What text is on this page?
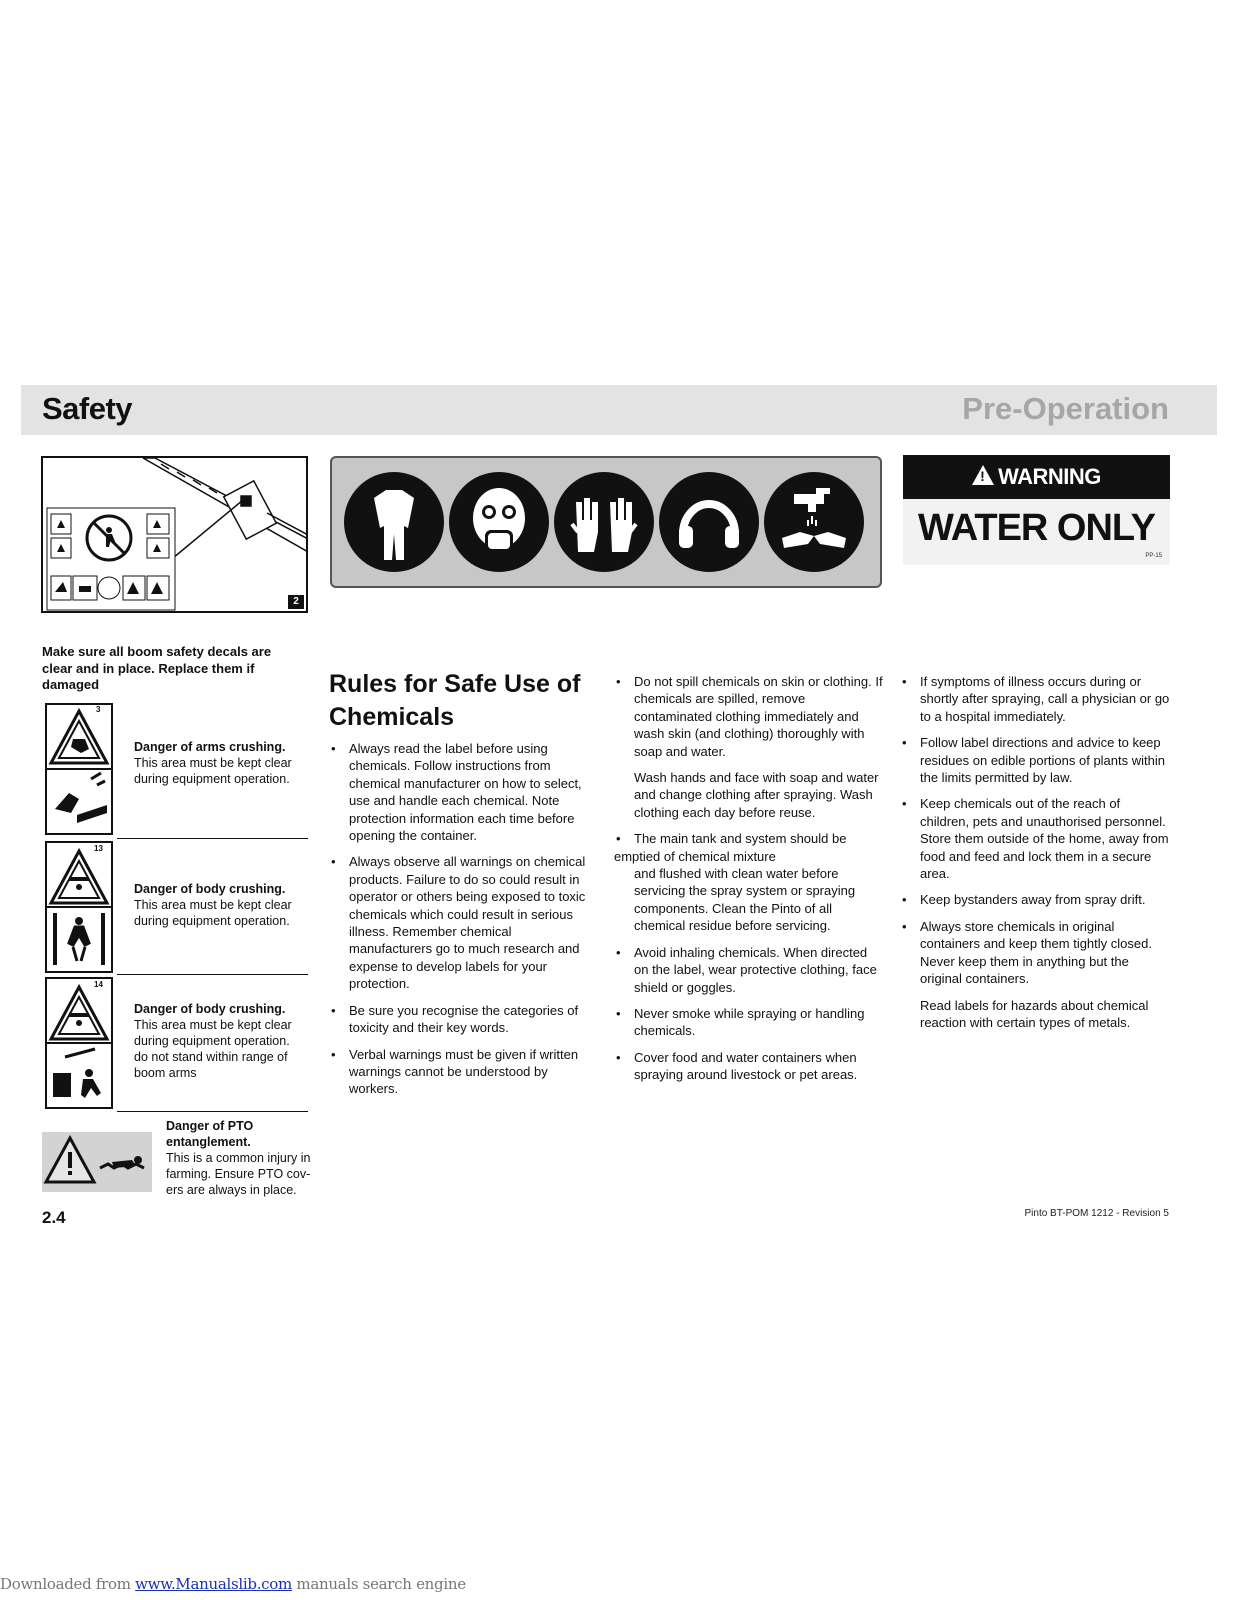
Safety	Pre-Operation
2
!WARNING
WATER ONLY
PP-15
Make sure all boom safety decals are clear and in place. Replace them if damaged
3
Danger of arms crushing.
This area must be kept clear during equipment operation.
13
Danger of body crushing.
This area must be kept clear during equipment operation.
14
Danger of body crushing.
This area must be kept clear during equipment operation. do not stand within range of boom arms
Danger of PTO entanglement.
This is a common injury in farming. Ensure PTO cov-ers are always in place.
Rules for Safe Use of Chemicals
• Always read the label before using chemicals. Follow instructions from chemical manufacturer on how to select, use and handle each chemical. Note protection information each time before opening the container.
• Always observe all warnings on chemical products. Failure to do so could result in operator or others being exposed to toxic chemicals which could result in serious illness. Remember chemical manufacturers go to much research and expense to develop labels for your protection.
• Be sure you recognise the categories of toxicity and their key words.
• Verbal warnings must be given if written warnings cannot be understood by workers.
• Do not spill chemicals on skin or clothing. If chemicals are spilled, remove contaminated clothing immediately and wash skin (and clothing) thoroughly with soap and water.
Wash hands and face with soap and water and change clothing after spraying. Wash clothing each day before reuse.
• The main tank and system should be
emptied of chemical mixture
and flushed with clean water before servicing the spray system or spraying components. Clean the Pinto of all chemical residue before servicing.
• Avoid inhaling chemicals. When directed on the label, wear protective clothing, face shield or goggles.
• Never smoke while spraying or handling chemicals.
• Cover food and water containers when spraying around livestock or pet areas.
• If symptoms of illness occurs during or shortly after spraying, call a physician or go to a hospital immediately.
• Follow label directions and advice to keep residues on edible portions of plants within the limits permitted by law.
• Keep chemicals out of the reach of children, pets and unauthorised personnel. Store them outside of the home, away from food and feed and lock them in a secure area.
• Keep bystanders away from spray drift.
• Always store chemicals in original containers and keep them tightly closed. Never keep them in anything but the original containers.
Read labels for hazards about chemical reaction with certain types of metals.
2.4	Pinto BT-POM 1212 - Revision 5
Downloaded from www.Manualslib.com manuals search engine
